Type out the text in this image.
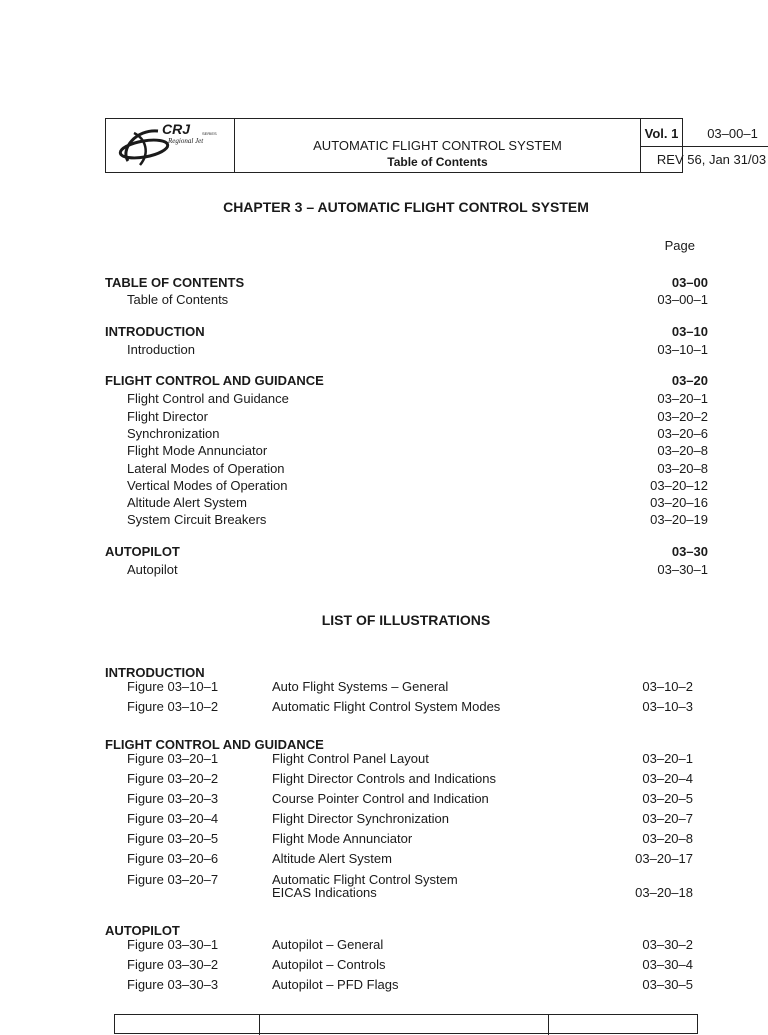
CRJ	SERIES
Regional Jet	AUTOMATIC FLIGHT CONTROL SYSTEM
Table of Contents
Vol. 1	03–00–1
REV 56, Jan 31/03
CHAPTER 3 – AUTOMATIC FLIGHT CONTROL SYSTEM
Page
TABLE OF CONTENTS	03–00
Table of Contents	03–00–1
INTRODUCTION	03–10
Introduction	03–10–1
FLIGHT CONTROL AND GUIDANCE	03–20
Flight Control and Guidance	03–20–1
Flight Director	03–20–2
Synchronization	03–20–6
Flight Mode Annunciator	03–20–8
Lateral Modes of Operation	03–20–8
Vertical Modes of Operation	03–20–12
Altitude Alert System	03–20–16
System Circuit Breakers	03–20–19
AUTOPILOT	03–30
Autopilot	03–30–1
LIST OF ILLUSTRATIONS
INTRODUCTION
Figure 03–10–1	Auto Flight Systems – General	03–10–2
Figure 03–10–2	Automatic Flight Control System Modes	03–10–3
FLIGHT CONTROL AND GUIDANCE
Figure 03–20–1	Flight Control Panel Layout	03–20–1
Figure 03–20–2	Flight Director Controls and Indications	03–20–4
Figure 03–20–3	Course Pointer Control and Indication	03–20–5
Figure 03–20–4	Flight Director Synchronization	03–20–7
Figure 03–20–5	Flight Mode Annunciator	03–20–8
Figure 03–20–6	Altitude Alert System	03–20–17
Figure 03–20–7	Automatic Flight Control System
EICAS Indications	03–20–18
AUTOPILOT
Figure 03–30–1	Autopilot – General	03–30–2
Figure 03–30–2	Autopilot – Controls	03–30–4
Figure 03–30–3	Autopilot – PFD Flags	03–30–5
